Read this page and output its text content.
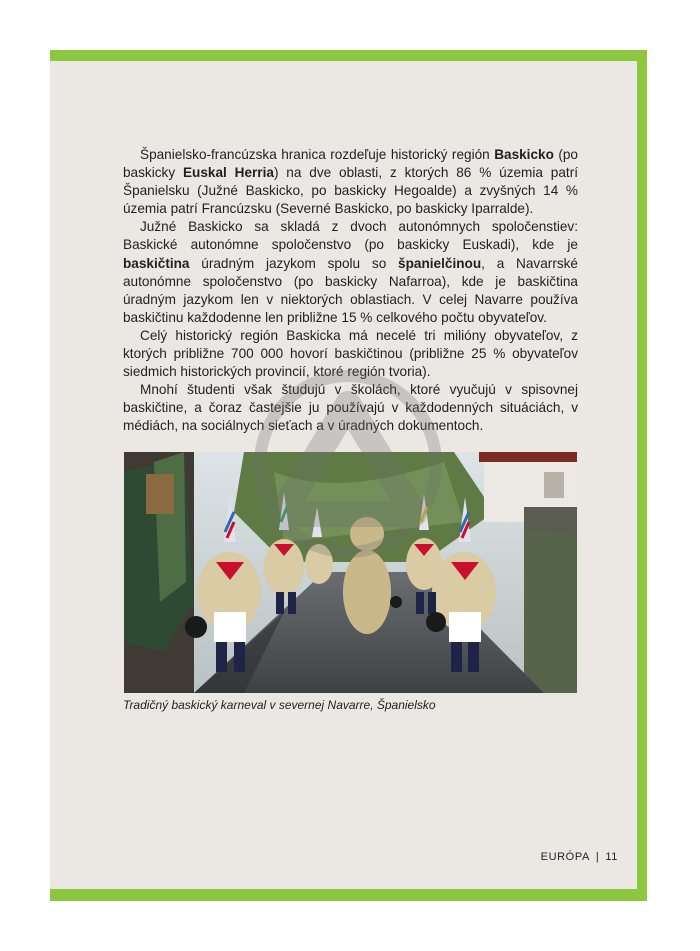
Španielsko-francúzska hranica rozdeľuje historický región Baskicko (po baskicky Euskal Herria) na dve oblasti, z ktorých 86 % územia patrí Španielsku (Južné Baskicko, po baskicky Hegoalde) a zvyšných 14 % územia patrí Francúzsku (Severné Baskicko, po baskicky Iparralde).

Južné Baskicko sa skladá z dvoch autonómnych spoločenstiev: Baskické autonómne spoločenstvo (po baskicky Euskadi), kde je baskičtina úradným jazykom spolu so španielčinou, a Navarrské autonómne spoločenstvo (po baskicky Nafarroa), kde je baskičtina úradným jazykom len v niektorých oblastiach. V celej Navarre používa baskičtinu každodenne len približne 15 % celkového počtu obyvateľov.

Celý historický región Baskicka má necelé tri milióny obyvateľov, z ktorých približne 700 000 hovorí baskičtinou (približne 25 % obyvateľov siedmich historických provincií, ktoré región tvoria).

Mnohí študenti však študujú v školách, ktoré vyučujú v spisovnej baskičtine, a čoraz častejšie ju používajú v každodenných situáciách, v médiách, na sociálnych sieťach a v úradných dokumentoch.

Tradičný baskický karneval v severnej Navarre, Španielsko
EURÓPA | 11
